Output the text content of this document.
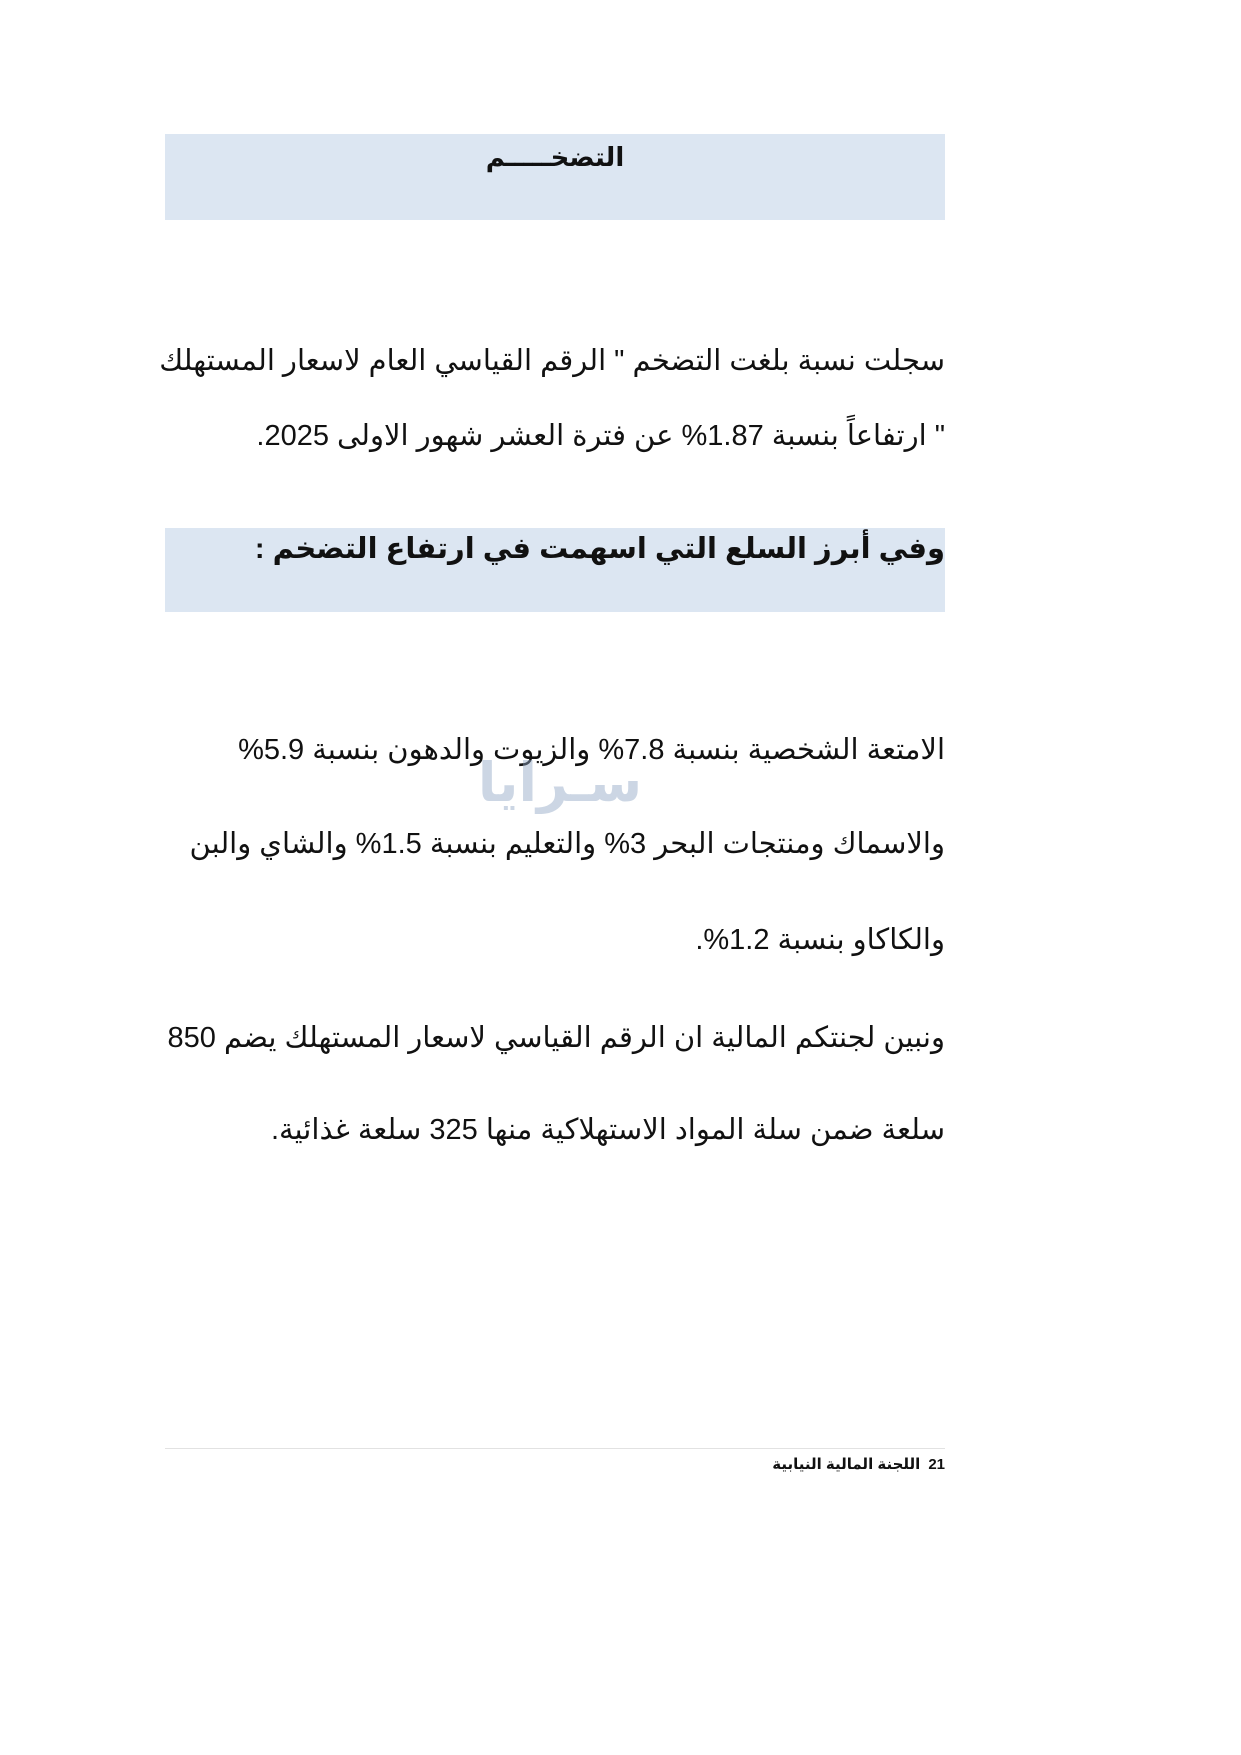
التضخـــــم
سجلت نسبة بلغت التضخم " الرقم القياسي العام لاسعار المستهلك
" ارتفاعاً بنسبة 1.87% عن فترة العشر شهور الاولى 2025.
وفي أبرز السلع التي اسهمت في ارتفاع التضخم :
الامتعة الشخصية بنسبة 7.8% والزيوت والدهون بنسبة 5.9%
والاسماك ومنتجات البحر 3% والتعليم بنسبة 1.5% والشاي والبن
والكاكاو بنسبة 1.2%.
سـرايا
ونبين لجنتكم المالية ان الرقم القياسي لاسعار المستهلك يضم 850
سلعة ضمن سلة المواد الاستهلاكية منها 325 سلعة غذائية.
21اللجنة المالية النيابية
